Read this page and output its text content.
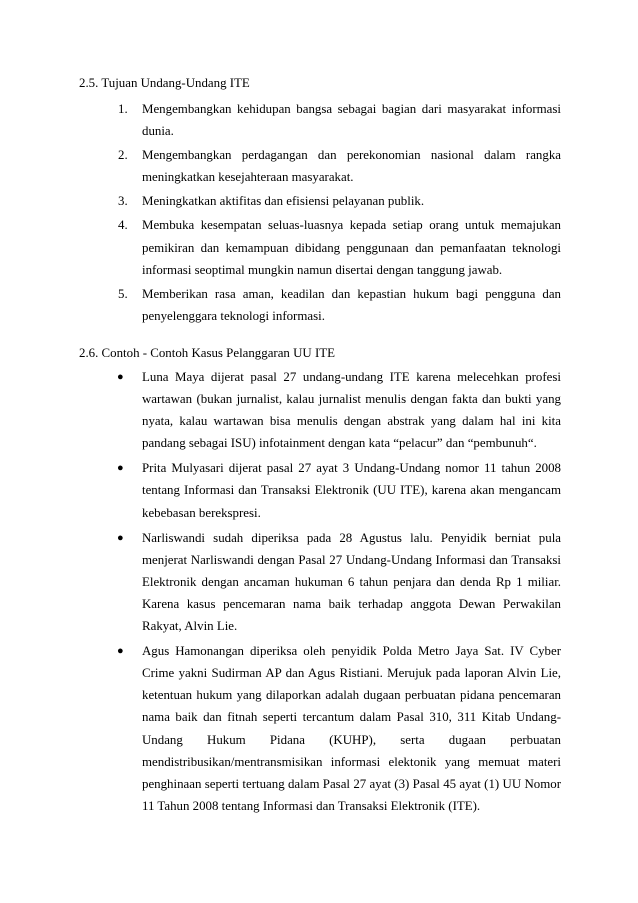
2.5. Tujuan Undang-Undang ITE
1. Mengembangkan kehidupan bangsa sebagai bagian dari masyarakat informasi dunia.
2. Mengembangkan perdagangan dan perekonomian nasional dalam rangka meningkatkan kesejahteraan masyarakat.
3. Meningkatkan aktifitas dan efisiensi pelayanan publik.
4. Membuka kesempatan seluas-luasnya kepada setiap orang untuk memajukan pemikiran dan kemampuan dibidang penggunaan dan pemanfaatan teknologi informasi seoptimal mungkin namun disertai dengan tanggung jawab.
5. Memberikan rasa aman, keadilan dan kepastian hukum bagi pengguna dan penyelenggara teknologi informasi.
2.6. Contoh - Contoh Kasus Pelanggaran UU ITE
● Luna Maya dijerat pasal 27 undang-undang ITE karena melecehkan profesi wartawan (bukan jurnalist, kalau jurnalist menulis dengan fakta dan bukti yang nyata, kalau wartawan bisa menulis dengan abstrak yang dalam hal ini kita pandang sebagai ISU) infotainment dengan kata “pelacur” dan “pembunuh“.
● Prita Mulyasari dijerat pasal 27 ayat 3 Undang-Undang nomor 11 tahun 2008 tentang Informasi dan Transaksi Elektronik (UU ITE), karena akan mengancam kebebasan berekspresi.
● Narliswandi sudah diperiksa pada 28 Agustus lalu. Penyidik berniat pula menjerat Narliswandi dengan Pasal 27 Undang-Undang Informasi dan Transaksi Elektronik dengan ancaman hukuman 6 tahun penjara dan denda Rp 1 miliar. Karena kasus pencemaran nama baik terhadap anggota Dewan Perwakilan Rakyat, Alvin Lie.
● Agus Hamonangan diperiksa oleh penyidik Polda Metro Jaya Sat. IV Cyber Crime yakni Sudirman AP dan Agus Ristiani. Merujuk pada laporan Alvin Lie, ketentuan hukum yang dilaporkan adalah dugaan perbuatan pidana pencemaran nama baik dan fitnah seperti tercantum dalam Pasal 310, 311 Kitab Undang-Undang Hukum Pidana (KUHP), serta dugaan perbuatan mendistribusikan/mentransmisikan informasi elektonik yang memuat materi penghinaan seperti tertuang dalam Pasal 27 ayat (3) Pasal 45 ayat (1) UU Nomor 11 Tahun 2008 tentang Informasi dan Transaksi Elektronik (ITE).
